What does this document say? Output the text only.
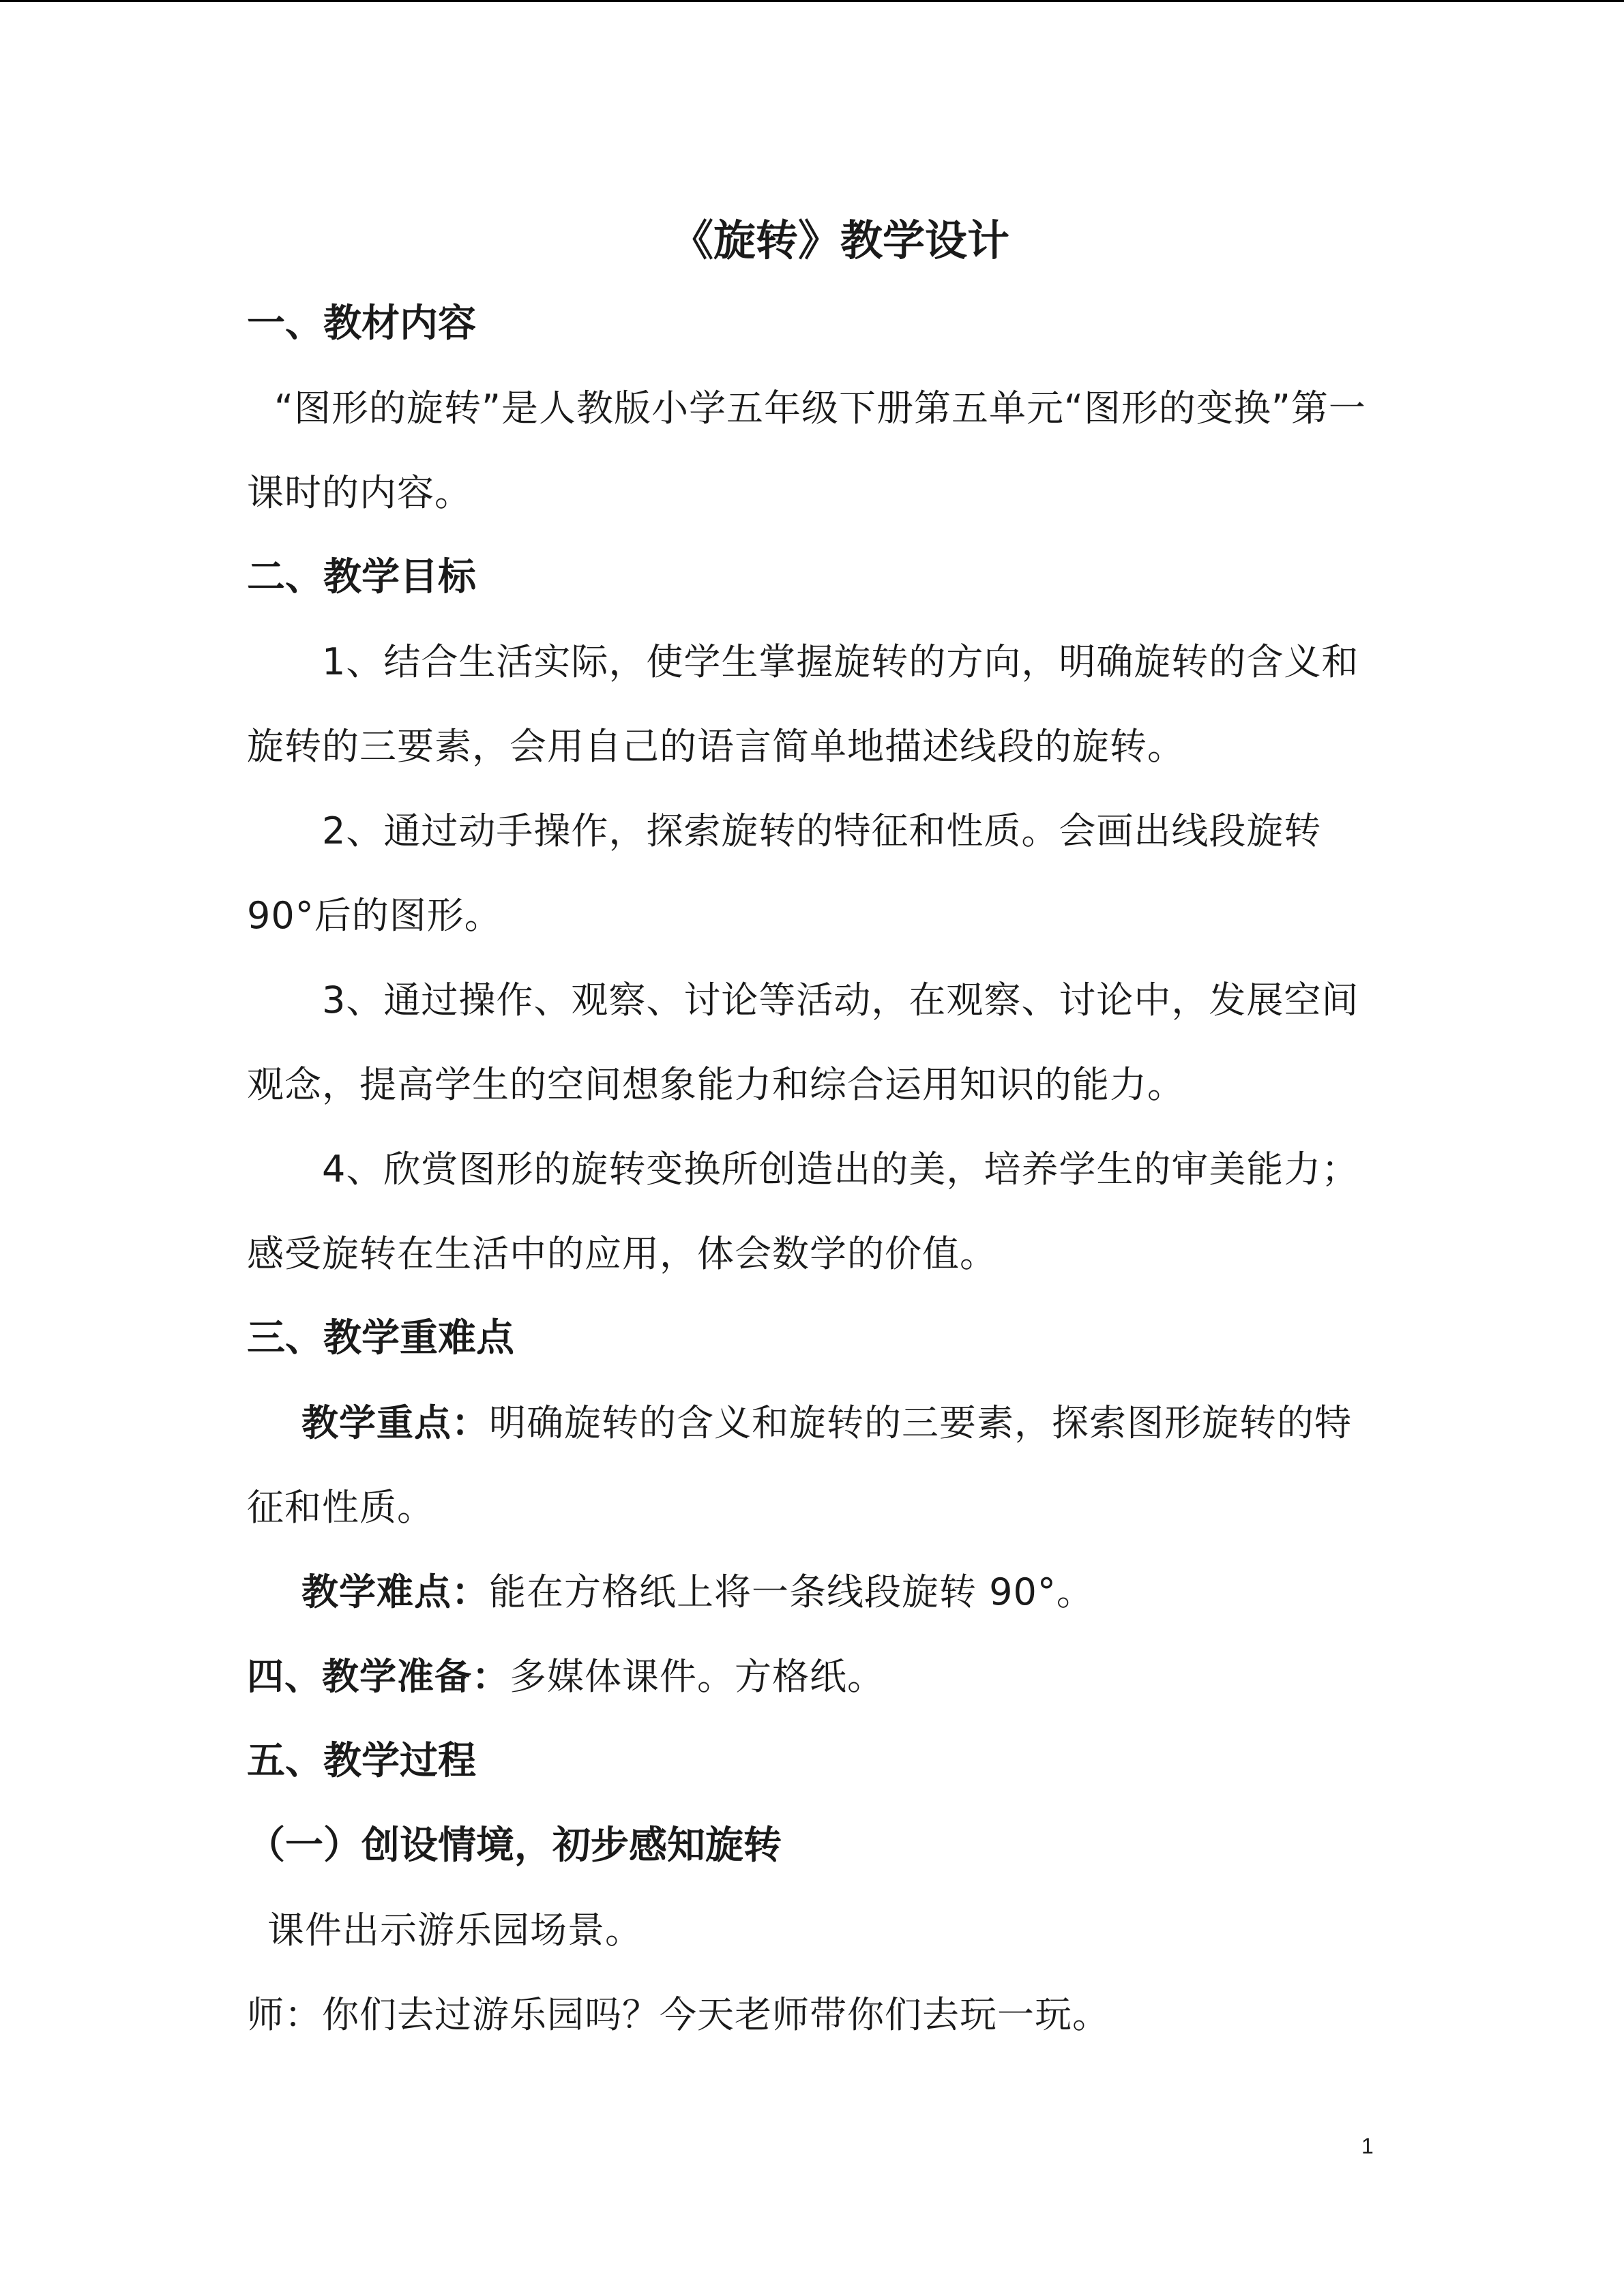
《旋转》教学设计

一、教材内容

“图形的旋转”是人教版小学五年级下册第五单元“图形的变换”第一课时的内容。

二、教学目标

1、结合生活实际，使学生掌握旋转的方向，明确旋转的含义和旋转的三要素，会用自己的语言简单地描述线段的旋转。

2、通过动手操作，探索旋转的特征和性质。会画出线段旋转90°后的图形。

3、通过操作、观察、讨论等活动，在观察、讨论中，发展空间观念，提高学生的空间想象能力和综合运用知识的能力。

4、欣赏图形的旋转变换所创造出的美，培养学生的审美能力；感受旋转在生活中的应用，体会数学的价值。

三、教学重难点

教学重点：明确旋转的含义和旋转的三要素，探索图形旋转的特征和性质。

教学难点：能在方格纸上将一条线段旋转 90°。

四、教学准备：多媒体课件。方格纸。

五、教学过程

（一）创设情境，初步感知旋转

课件出示游乐园场景。

师：你们去过游乐园吗？今天老师带你们去玩一玩。

1
